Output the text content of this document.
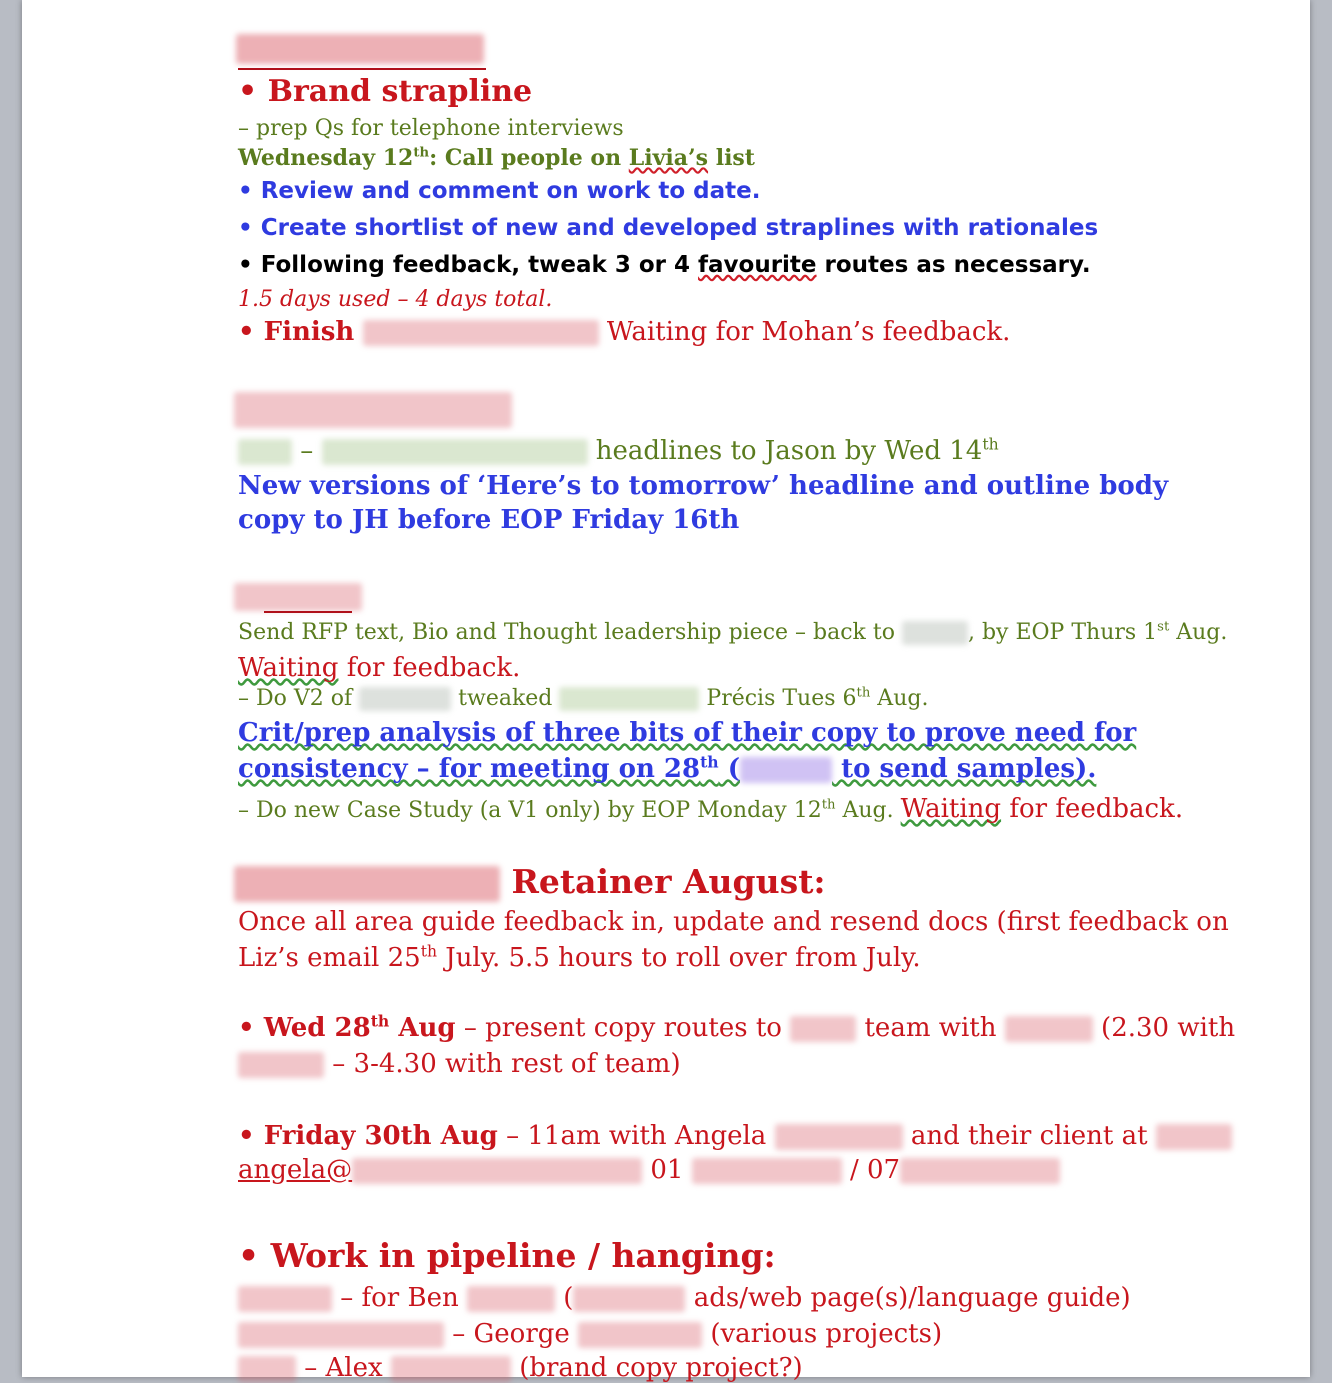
• Brand strapline
– prep Qs for telephone interviews
Wednesday 12th: Call people on Livia’s list
• Review and comment on work to date.
• Create shortlist of new and developed straplines with rationales
• Following feedback, tweak 3 or 4 favourite routes as necessary.
1.5 days used – 4 days total.
• Finish	Waiting for Mohan’s feedback.
–	headlines to Jason by Wed 14th
New versions of ‘Here’s to tomorrow’ headline and outline body
copy to JH before EOP Friday 16th
Send RFP text, Bio and Thought leadership piece – back to	, by EOP Thurs 1st Aug.
Waiting for feedback.
– Do V2 of	tweaked	Précis Tues 6th Aug.
Crit/prep analysis of three bits of their copy to prove need for
consistency – for meeting on 28th (	to send samples).
– Do new Case Study (a V1 only) by EOP Monday 12th Aug. Waiting for feedback.
Retainer August:
Once all area guide feedback in, update and resend docs (first feedback on
Liz’s email 25th July. 5.5 hours to roll over from July.
• Wed 28th Aug – present copy routes to	team with	(2.30 with
– 3-4.30 with rest of team)
• Friday 30th Aug – 11am with Angela	and their client at
angela@	01	/ 07
• Work in pipeline / hanging:
– for Ben	(	ads/web page(s)/language guide)
– George	(various projects)
– Alex	(brand copy project?)
